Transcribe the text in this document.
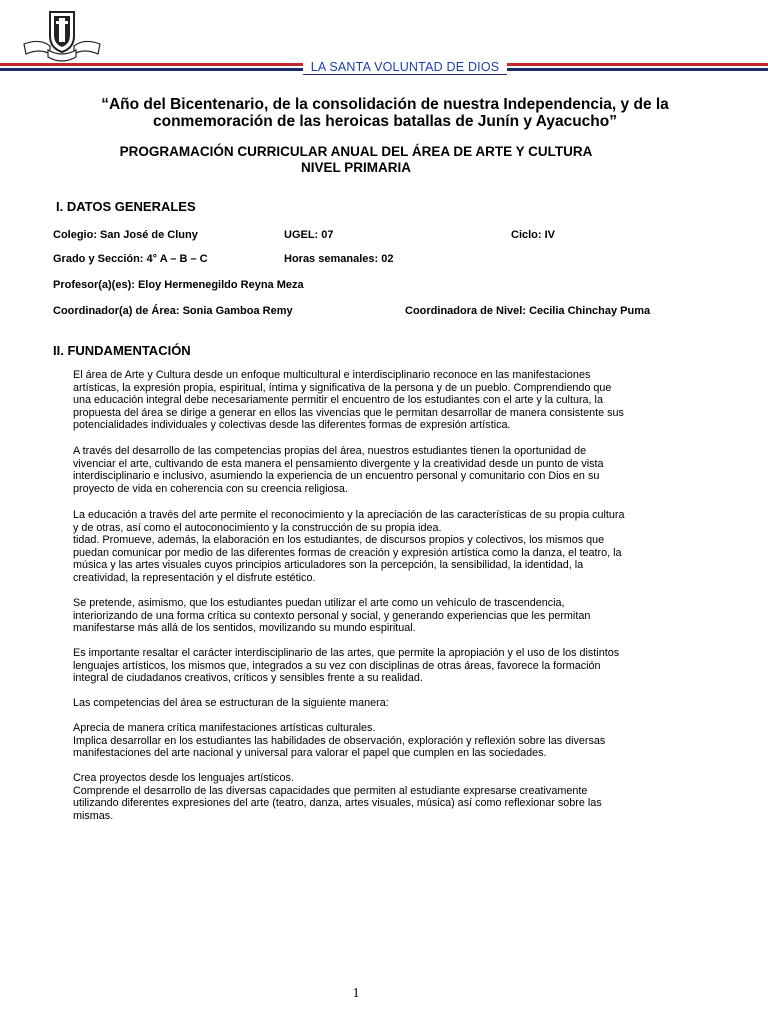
LA SANTA VOLUNTAD DE DIOS
“Año del Bicentenario, de la consolidación de nuestra Independencia, y de la
conmemoración de las heroicas batallas de Junín y Ayacucho”
PROGRAMACIÓN CURRICULAR ANUAL DEL ÁREA DE ARTE Y CULTURA
NIVEL PRIMARIA
I. DATOS GENERALES
Colegio: San José de Cluny	UGEL: 07	Ciclo: IV
Grado y Sección: 4° A – B – C	Horas semanales: 02
Profesor(a)(es): Eloy Hermenegildo Reyna Meza
Coordinador(a) de Área: Sonia Gamboa Remy	Coordinadora de Nivel: Cecilia Chinchay Puma
II. FUNDAMENTACIÓN
El área de Arte y Cultura desde un enfoque multicultural e interdisciplinario reconoce en las manifestaciones
artísticas, la expresión propia, espiritual, íntima y significativa de la persona y de un pueblo. Comprendiendo que
una educación integral debe necesariamente permitir el encuentro de los estudiantes con el arte y la cultura, la
propuesta del área se dirige a generar en ellos las vivencias que le permitan desarrollar de manera consistente sus
potencialidades individuales y colectivas desde las diferentes formas de expresión artística.
A través del desarrollo de las competencias propias del área, nuestros estudiantes tienen la oportunidad de
vivenciar el arte, cultivando de esta manera el pensamiento divergente y la creatividad desde un punto de vista
interdisciplinario e inclusivo, asumiendo la experiencia de un encuentro personal y comunitario con Dios en su
proyecto de vida en coherencia con su creencia religiosa.
La educación a través del arte permite el reconocimiento y la apreciación de las características de su propia cultura
y de otras, así como el autoconocimiento y la construcción de su propia idea.
tidad. Promueve, además, la elaboración en los estudiantes, de discursos propios y colectivos, los mismos que
puedan comunicar por medio de las diferentes formas de creación y expresión artística como la danza, el teatro, la
música y las artes visuales cuyos principios articuladores son la percepción, la sensibilidad, la identidad, la
creatividad, la representación y el disfrute estético.
Se pretende, asimismo, que los estudiantes puedan utilizar el arte como un vehículo de trascendencia,
interiorizando de una forma crítica su contexto personal y social, y generando experiencias que les permitan
manifestarse más allá de los sentidos, movilizando su mundo espiritual.
Es importante resaltar el carácter interdisciplinario de las artes, que permite la apropiación y el uso de los distintos
lenguajes artísticos, los mismos que, integrados a su vez con disciplinas de otras áreas, favorece la formación
integral de ciudadanos creativos, críticos y sensibles frente a su realidad.
Las competencias del área se estructuran de la siguiente manera:
Aprecia de manera crítica manifestaciones artísticas culturales.
Implica desarrollar en los estudiantes las habilidades de observación, exploración y reflexión sobre las diversas
manifestaciones del arte nacional y universal para valorar el papel que cumplen en las sociedades.
Crea proyectos desde los lenguajes artísticos.
Comprende el desarrollo de las diversas capacidades que permiten al estudiante expresarse creativamente
utilizando diferentes expresiones del arte (teatro, danza, artes visuales, música) así como reflexionar sobre las
mismas.
1
